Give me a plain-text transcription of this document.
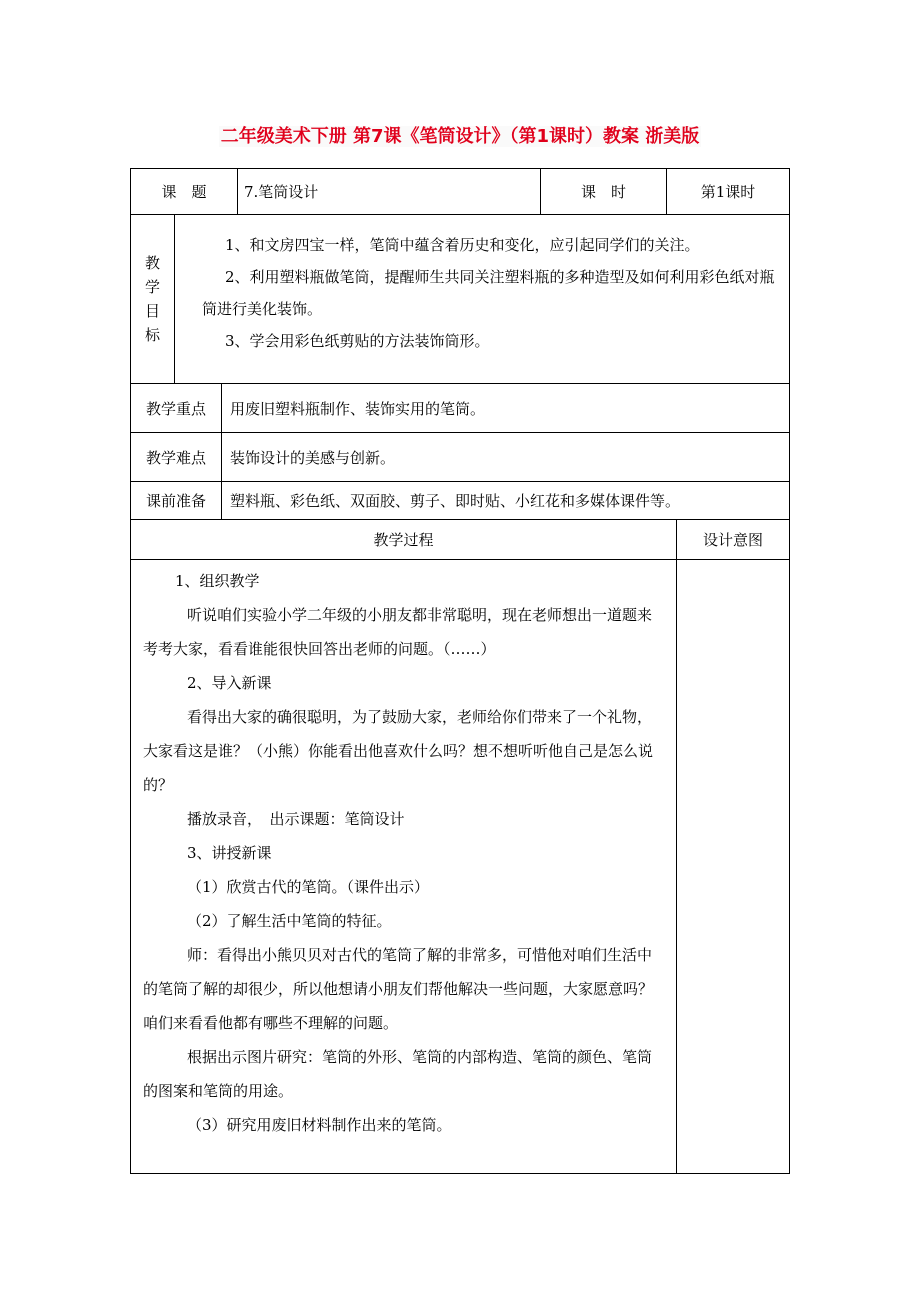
二年级美术下册 第7课《笔筒设计》（第1课时）教案 浙美版
课　题	7.笔筒设计	课　时	第1课时
教
学
目
标

1、和文房四宝一样，笔筒中蕴含着历史和变化，应引起同学们的关注。

2、利用塑料瓶做笔筒，提醒师生共同关注塑料瓶的多种造型及如何利用彩色纸对瓶筒进行美化装饰。

3、学会用彩色纸剪贴的方法装饰筒形。

教学重点 用废旧塑料瓶制作、装饰实用的笔筒。
教学难点 装饰设计的美感与创新。
课前准备 塑料瓶、彩色纸、双面胶、剪子、即时贴、小红花和多媒体课件等。
教学过程	设计意图

1、组织教学

听说咱们实验小学二年级的小朋友都非常聪明，现在老师想出一道题来考考大家，看看谁能很快回答出老师的问题。（……）

2、导入新课

看得出大家的确很聪明，为了鼓励大家，老师给你们带来了一个礼物，大家看这是谁？（小熊）你能看出他喜欢什么吗？想不想听听他自己是怎么说的？

播放录音，　出示课题：笔筒设计

3、讲授新课

（1）欣赏古代的笔筒。（课件出示）

（2）了解生活中笔筒的特征。

师：看得出小熊贝贝对古代的笔筒了解的非常多，可惜他对咱们生活中的笔筒了解的却很少，所以他想请小朋友们帮他解决一些问题，大家愿意吗？咱们来看看他都有哪些不理解的问题。

根据出示图片研究：笔筒的外形、笔筒的内部构造、笔筒的颜色、笔筒的图案和笔筒的用途。

（3）研究用废旧材料制作出来的笔筒。
